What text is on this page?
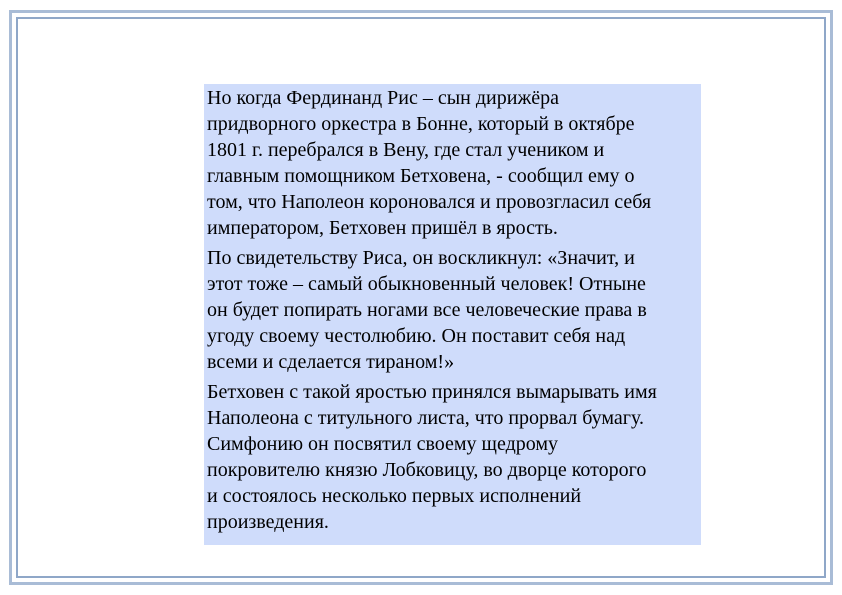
Но когда Фердинанд Рис – сын дирижёра
придворного оркестра в Бонне, который в октябре
1801 г. перебрался в Вену, где стал учеником и
главным помощником Бетховена, - сообщил ему о
том, что Наполеон короновался и провозгласил себя
императором, Бетховен пришёл в ярость.

По свидетельству Риса, он воскликнул: «Значит, и
этот тоже – самый обыкновенный человек! Отныне
он будет попирать ногами все человеческие права в
угоду своему честолюбию. Он поставит себя над
всеми и сделается тираном!»

Бетховен с такой яростью принялся вымарывать имя
Наполеона с титульного листа, что прорвал бумагу.
Симфонию он посвятил своему щедрому
покровителю князю Лобковицу, во дворце которого
и состоялось несколько первых исполнений
произведения.
